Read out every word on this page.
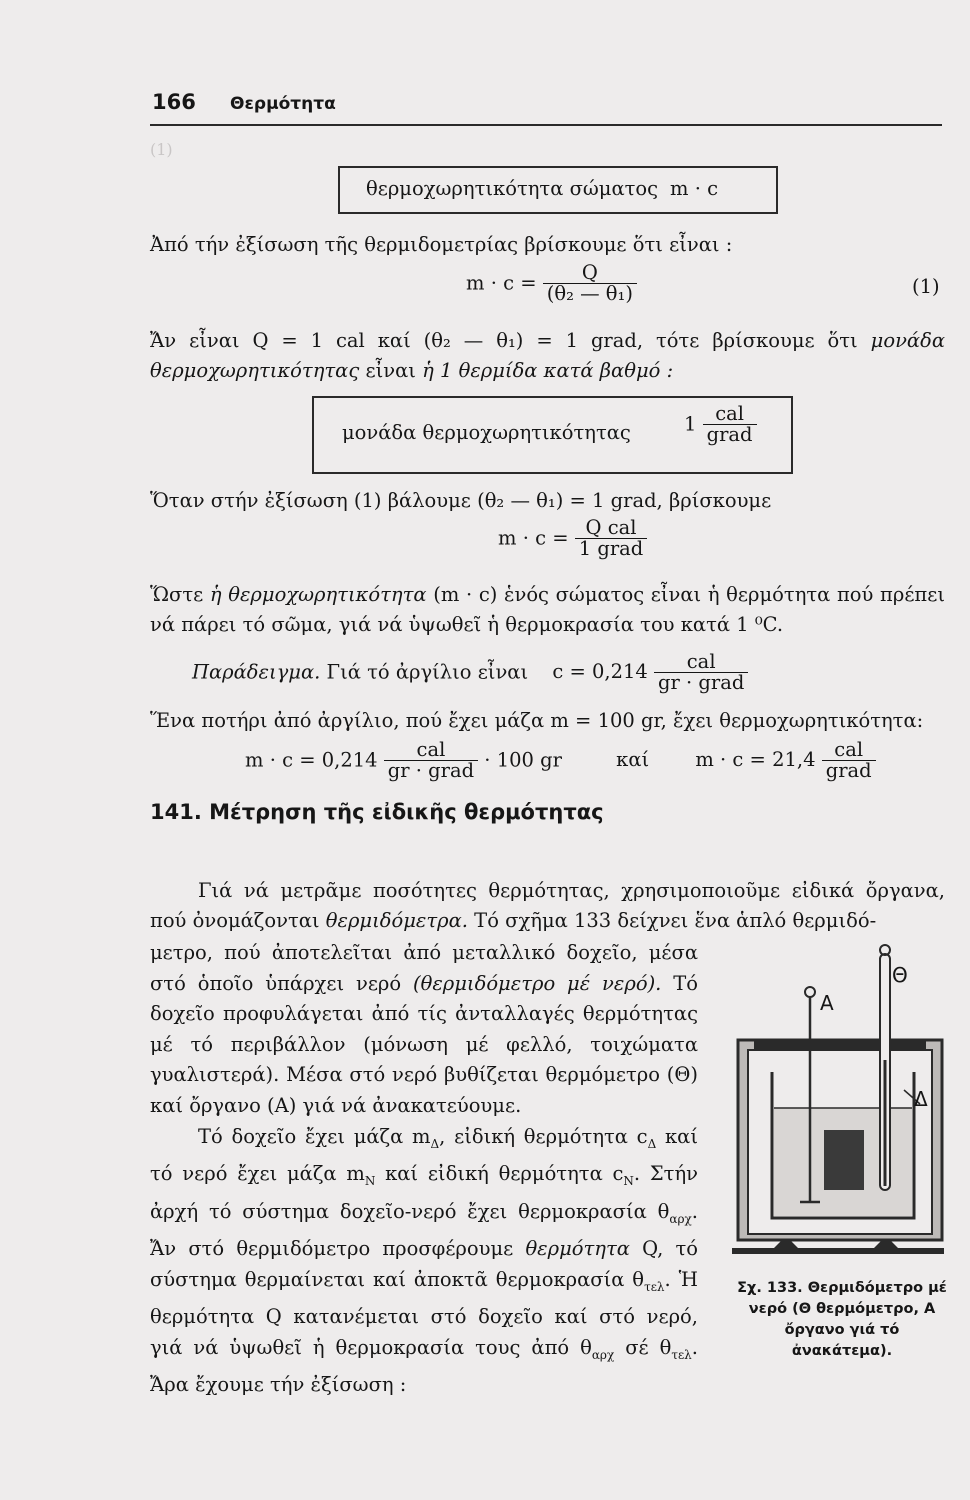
166 Θερμότητα
(1)
θερμοχωρητικότητα σώματος m · c
Ἀπό τήν ἐξίσωση τῆς θερμιδομετρίας βρίσκουμε ὅτι εἶναι :
$m \cdot c = \frac{Q}{\text{(θ₂ — θ₁)}}$	(1)
Ἄν εἶναι Q = 1 cal καί (θ₂ — θ₁) = 1 grad, τότε βρίσκουμε ὅτι μονάδα θερμοχωρητικότητας εἶναι ἡ 1 θερμίδα κατά βαθμό :
μονάδα θερμοχωρητικότητας	$1 \frac{\text{cal}}{\text{grad}}$
Ὅταν στήν ἐξίσωση (1) βάλουμε (θ₂ — θ₁) = 1 grad, βρίσκουμε
$m \cdot c = \frac{\text{Q cal}}{\text{1 grad}}$
Ὥστε ἡ θερμοχωρητικότητα (m · c) ἑνός σώματος εἶναι ἡ θερμότητα πού πρέπει νά πάρει τό σῶμα, γιά νά ὑψωθεῖ ἡ θερμοκρασία του κατά 1 ⁰C.
Παράδειγμα. Γιά τό ἀργίλιο εἶναι $c = 0,214 \frac{\text{cal}}{\text{gr · grad}}$
Ἕνα ποτήρι ἀπό ἀργίλιο, πού ἔχει μάζα m = 100 gr, ἔχει θερμοχωρητικότητα:
$m \cdot c = 0,214 \frac{\text{cal}}{\text{gr · grad}} \cdot 100$ gr	καί $m \cdot c = 21,4 \frac{\text{cal}}{\text{grad}}$
141. Μέτρηση τῆς εἰδικῆς θερμότητας
Γιά νά μετρᾶμε ποσότητες θερμότητας, χρησιμοποιοῦμε εἰδικά ὄργανα, πού ὀνομάζονται θερμιδόμετρα. Τό σχῆμα 133 δείχνει ἕνα ἁπλό θερμιδό-
μετρο, πού ἀποτελεῖται ἀπό μεταλλικό δοχεῖο, μέσα στό ὁποῖο ὑπάρχει νερό (θερμιδόμετρο μέ νερό). Τό δοχεῖο προφυλάγεται ἀπό τίς ἀνταλλαγές θερμότητας μέ τό περιβάλλον (μόνωση μέ φελλό, τοιχώματα γυαλιστερά). Μέσα στό νερό βυθίζεται θερμόμετρο (Θ) καί ὄργανο (Α) γιά νά ἀνακατεύουμε.
Τό δοχεῖο ἔχει μάζα $m_\Delta$, εἰδική θερμότητα $c_\Delta$ καί τό νερό ἔχει μάζα $m_N$ καί εἰδική θερμότητα $c_N$. Στήν ἀρχή τό σύστημα δοχεῖο-νερό ἔχει θερμοκρασία $\theta_{\alpha\rho\chi}$. Ἄν στό θερμιδόμετρο προσφέρουμε θερμότητα Q, τό σύστημα θερμαίνεται καί ἀποκτᾶ θερμοκρασία $\theta_{\tau\varepsilon\lambda}$. Ἡ θερμότητα Q κατανέμεται στό δοχεῖο καί στό νερό, γιά νά ὑψωθεῖ ἡ θερμοκρασία τους ἀπό $\theta_{\alpha\rho\chi}$ σέ $\theta_{\tau\varepsilon\lambda}$. Ἄρα ἔχουμε τήν ἐξίσωση :
Θ
Α
Δ
Σχ. 133. Θερμιδόμετρο μέ νερό (Θ θερμόμετρο, Α ὄργανο γιά τό ἀνακάτεμα).
